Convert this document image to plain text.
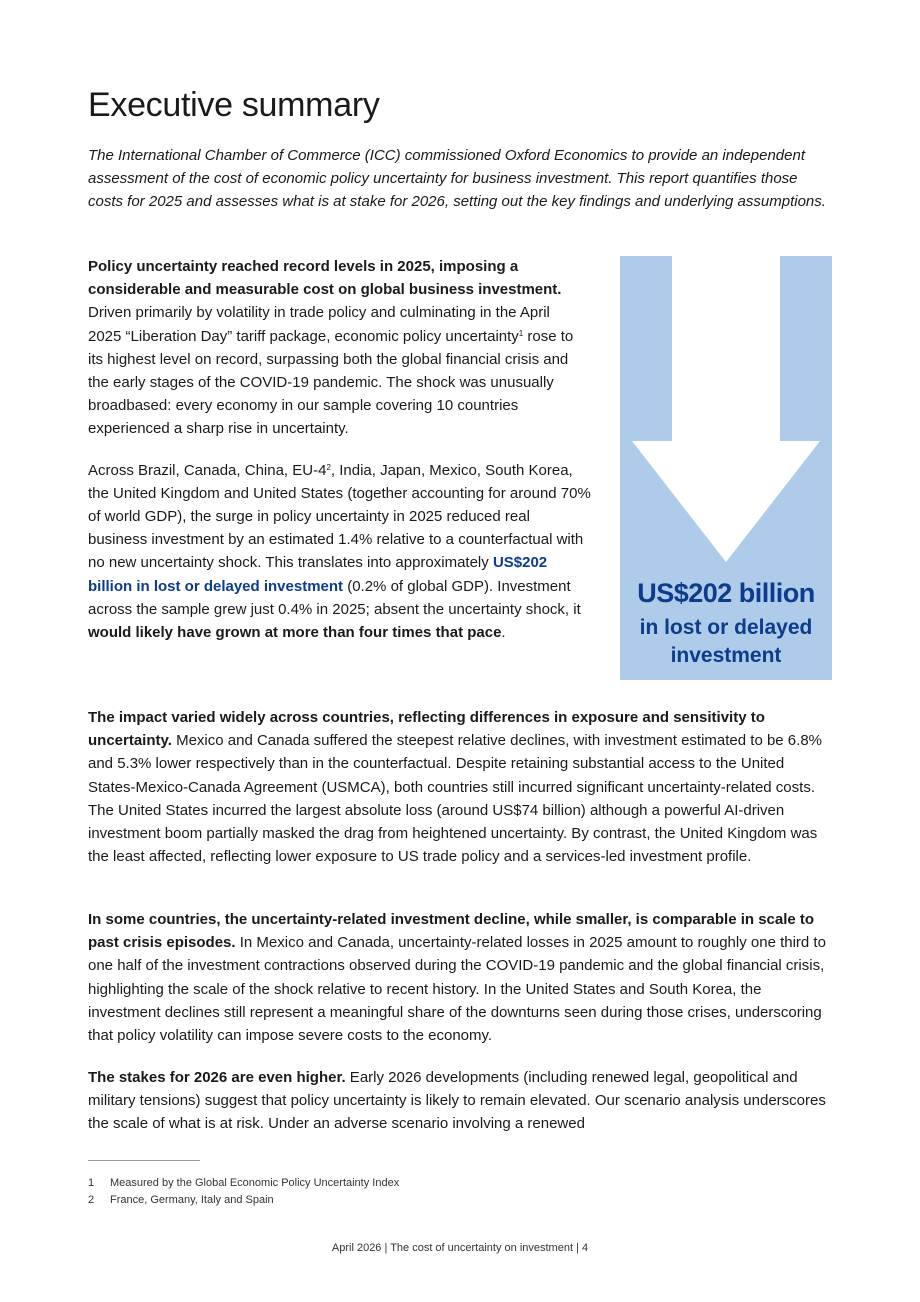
Executive summary

The International Chamber of Commerce (ICC) commissioned Oxford Economics to provide an independent assessment of the cost of economic policy uncertainty for business investment. This report quantifies those costs for 2025 and assesses what is at stake for 2026, setting out the key findings and underlying assumptions.

Policy uncertainty reached record levels in 2025, imposing a considerable and measurable cost on global business investment. Driven primarily by volatility in trade policy and culminating in the April 2025 “Liberation Day” tariff package, economic policy uncertainty$^1$ rose to its highest level on record, surpassing both the global financial crisis and the early stages of the COVID-19 pandemic. The shock was unusually broadbased: every economy in our sample covering 10 countries experienced a sharp rise in uncertainty.

Across Brazil, Canada, China, $EU-4^2$, India, Japan, Mexico, South Korea, the United Kingdom and United States (together accounting for around 70% of world GDP), the surge in policy uncertainty in 2025 reduced real business investment by an estimated 1.4% relative to a counterfactual with no new uncertainty shock. This translates into approximately US$202 billion in lost or delayed investment (0.2% of global GDP). Investment across the sample grew just 0.4% in 2025; absent the uncertainty shock, it would likely have grown at more than four times that pace.

US$202 billion
in lost or delayed investment

The impact varied widely across countries, reflecting differences in exposure and sensitivity to uncertainty. Mexico and Canada suffered the steepest relative declines, with investment estimated to be 6.8% and 5.3% lower respectively than in the counterfactual. Despite retaining substantial access to the United States-Mexico-Canada Agreement (USMCA), both countries still incurred significant uncertainty-related costs. The United States incurred the largest absolute loss (around US$74 billion) although a powerful AI-driven investment boom partially masked the drag from heightened uncertainty. By contrast, the United Kingdom was the least affected, reflecting lower exposure to US trade policy and a services-led investment profile.

In some countries, the uncertainty-related investment decline, while smaller, is comparable in scale to past crisis episodes. In Mexico and Canada, uncertainty-related losses in 2025 amount to roughly one third to one half of the investment contractions observed during the COVID-19 pandemic and the global financial crisis, highlighting the scale of the shock relative to recent history. In the United States and South Korea, the investment declines still represent a meaningful share of the downturns seen during those crises, underscoring that policy volatility can impose severe costs to the economy.

The stakes for 2026 are even higher. Early 2026 developments (including renewed legal, geopolitical and military tensions) suggest that policy uncertainty is likely to remain elevated. Our scenario analysis underscores the scale of what is at risk. Under an adverse scenario involving a renewed

1 Measured by the Global Economic Policy Uncertainty Index
2 France, Germany, Italy and Spain
April 2026 | The cost of uncertainty on investment | 4
